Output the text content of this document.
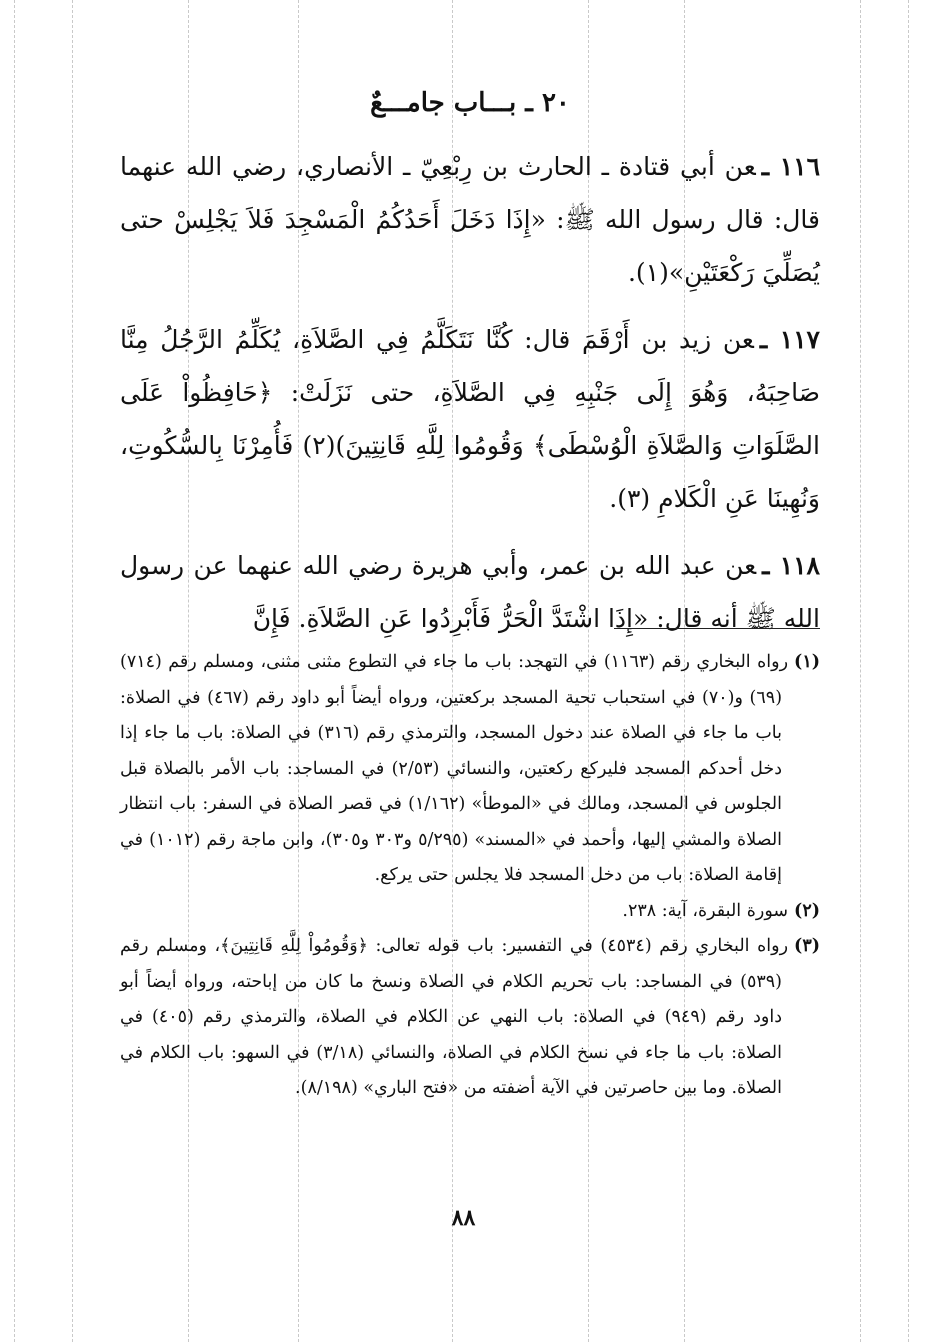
٢٠ ـ بـــاب جامـــعٌ

١١٦ ـعن أبي قتادة ـ الحارث بن رِبْعِيّ ـ الأنصاري، رضي الله عنهما قال: قال رسول الله ﷺ: «إِذَا دَخَلَ أَحَدُكُمُ الْمَسْجِدَ فَلاَ يَجْلِسْ حتى يُصَلِّيَ رَكْعَتَيْنِ»(١).

١١٧ ـعن زيد بن أَرْقَمَ قال: كُنَّا نَتَكَلَّمُ فِي الصَّلاَةِ، يُكَلِّمُ الرَّجُلُ مِنَّا صَاحِبَهُ، وَهُوَ إِلَى جَنْبِهِ فِي الصَّلاَةِ، حتى نَزَلَتْ: ﴿حَافِظُواْ عَلَى الصَّلَوَاتِ وَالصَّلاَةِ الْوُسْطَى﴾ وَقُومُوا لِلَّهِ قَانِتِينَ)(٢) فَأُمِرْنَا بِالسُّكُوتِ، وَنُهِينَا عَنِ الْكَلامِ (٣).

١١٨ ـعن عبد الله بن عمر، وأبي هريرة رضي الله عنهما عن رسول الله ﷺ أنه قال: «إِذَا اشْتَدَّ الْحَرُّ فَأَبْرِدُوا عَنِ الصَّلاَةِ. فَإِنَّ

(١)رواه البخاري رقم (١١٦٣) في التهجد: باب ما جاء في التطوع مثنى مثنى، ومسلم رقم (٧١٤) (٦٩) و(٧٠) في استحباب تحية المسجد بركعتين، ورواه أيضاً أبو داود رقم (٤٦٧) في الصلاة: باب ما جاء في الصلاة عند دخول المسجد، والترمذي رقم (٣١٦) في الصلاة: باب ما جاء إذا دخل أحدكم المسجد فليركع ركعتين، والنسائي (٢/٥٣) في المساجد: باب الأمر بالصلاة قبل الجلوس في المسجد، ومالك في «الموطأ» (١/١٦٢) في قصر الصلاة في السفر: باب انتظار الصلاة والمشي إليها، وأحمد في «المسند» (٥/٢٩٥ و٣٠٣ و٣٠٥)، وابن ماجة رقم (١٠١٢) في إقامة الصلاة: باب من دخل المسجد فلا يجلس حتى يركع.

(٢)سورة البقرة، آية: ٢٣٨.

(٣)رواه البخاري رقم (٤٥٣٤) في التفسير: باب قوله تعالى: ﴿وَقُومُواْ لِلَّهِ قَانِتِينَ﴾، ومسلم رقم (٥٣٩) في المساجد: باب تحريم الكلام في الصلاة ونسخ ما كان من إباحته، ورواه أيضاً أبو داود رقم (٩٤٩) في الصلاة: باب النهي عن الكلام في الصلاة، والترمذي رقم (٤٠٥) في الصلاة: باب ما جاء في نسخ الكلام في الصلاة، والنسائي (٣/١٨) في السهو: باب الكلام في الصلاة. وما بين حاصرتين في الآية أضفته من «فتح الباري» (٨/١٩٨).

٨٨
